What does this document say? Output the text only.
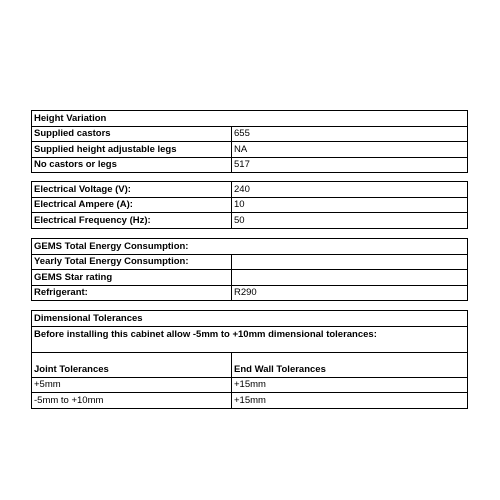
Height Variation	
Supplied castors	655
Supplied height adjustable legs	NA
No castors or legs	517
Electrical Voltage (V):	240
Electrical Ampere (A):	10
Electrical Frequency (Hz):	50
GEMS Total Energy Consumption:	
Yearly Total Energy Consumption:	
GEMS Star rating	
Refrigerant:	R290
Dimensional Tolerances	
Before installing this cabinet allow -5mm to +10mm dimensional tolerances:	
Joint Tolerances	End Wall Tolerances
+5mm	+15mm
-5mm to +10mm	+15mm
